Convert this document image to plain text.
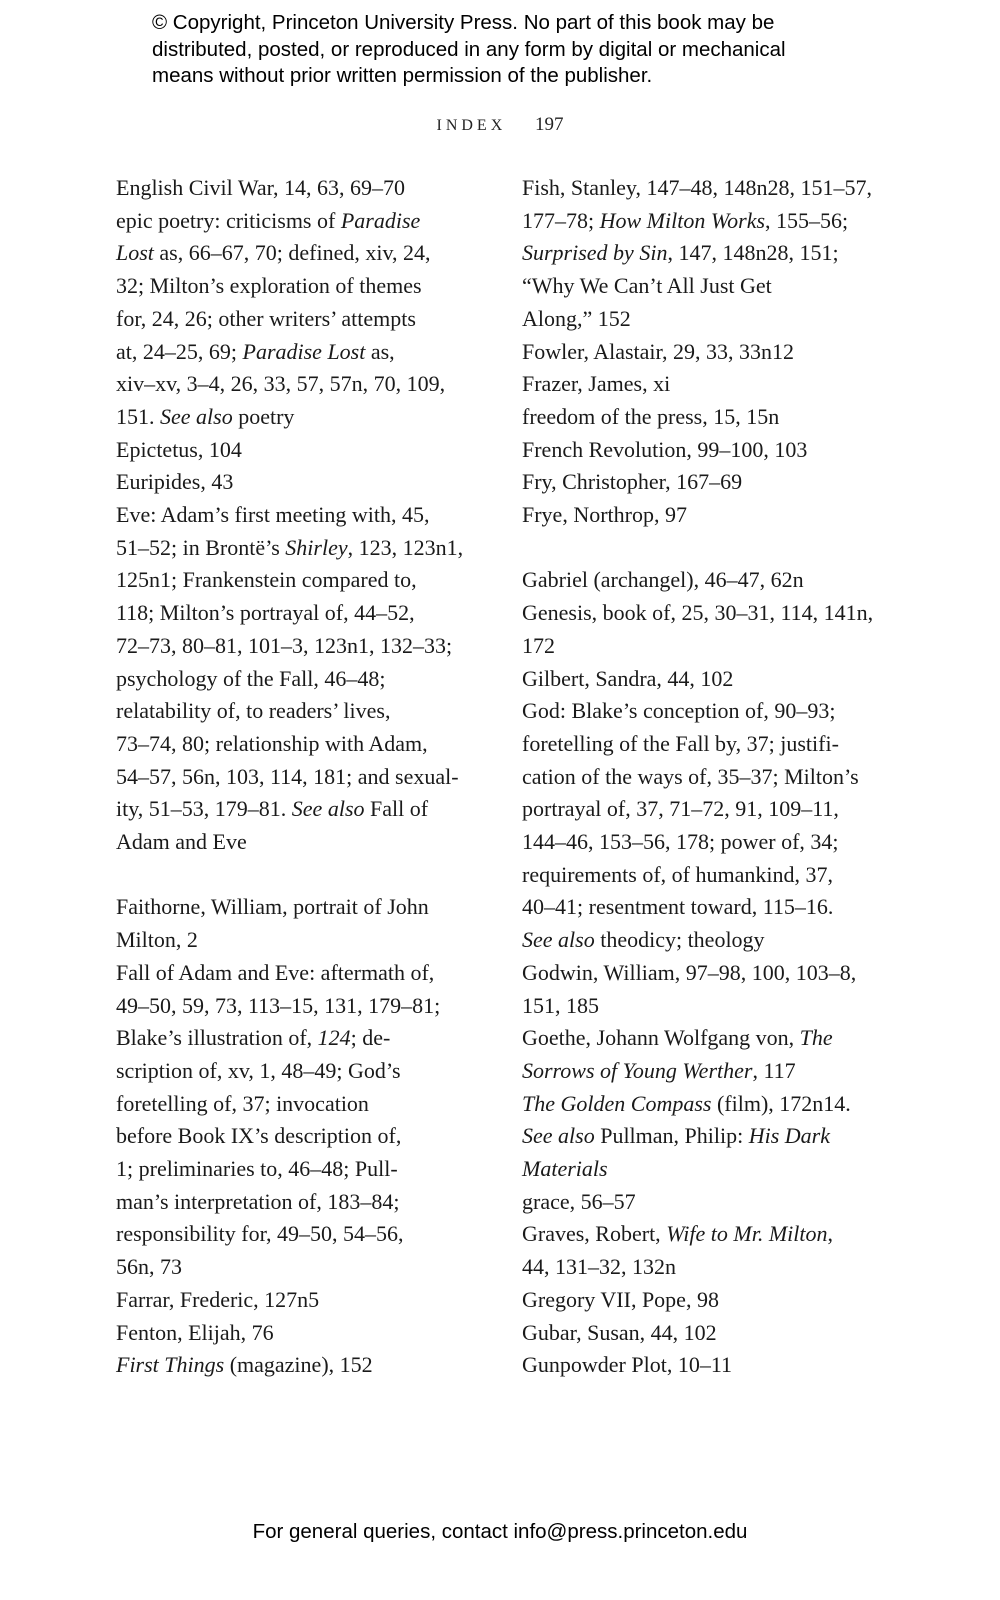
© Copyright, Princeton University Press. No part of this book may be
distributed, posted, or reproduced in any form by digital or mechanical
means without prior written permission of the publisher.
INDEX 197
English Civil War, 14, 63, 69–70
epic poetry: criticisms of Paradise
Lost as, 66–67, 70; defined, xiv, 24,
32; Milton’s exploration of themes
for, 24, 26; other writers’ attempts
at, 24–25, 69; Paradise Lost as,
xiv–xv, 3–4, 26, 33, 57, 57n, 70, 109,
151. See also poetry
Epictetus, 104
Euripides, 43
Eve: Adam’s first meeting with, 45,
51–52; in Brontë’s Shirley, 123, 123n1,
125n1; Frankenstein compared to,
118; Milton’s portrayal of, 44–52,
72–73, 80–81, 101–3, 123n1, 132–33;
psychology of the Fall, 46–48;
relatability of, to readers’ lives,
73–74, 80; relationship with Adam,
54–57, 56n, 103, 114, 181; and sexual-
ity, 51–53, 179–81. See also Fall of
Adam and Eve
Faithorne, William, portrait of John
Milton, 2
Fall of Adam and Eve: aftermath of,
49–50, 59, 73, 113–15, 131, 179–81;
Blake’s illustration of, 124; de-
scription of, xv, 1, 48–49; God’s
foretelling of, 37; invocation
before Book IX’s description of,
1; preliminaries to, 46–48; Pull-
man’s interpretation of, 183–84;
responsibility for, 49–50, 54–56,
56n, 73
Farrar, Frederic, 127n5
Fenton, Elijah, 76
First Things (magazine), 152
Fish, Stanley, 147–48, 148n28, 151–57,
177–78; How Milton Works, 155–56;
Surprised by Sin, 147, 148n28, 151;
“Why We Can’t All Just Get
Along,” 152
Fowler, Alastair, 29, 33, 33n12
Frazer, James, xi
freedom of the press, 15, 15n
French Revolution, 99–100, 103
Fry, Christopher, 167–69
Frye, Northrop, 97
Gabriel (archangel), 46–47, 62n
Genesis, book of, 25, 30–31, 114, 141n,
172
Gilbert, Sandra, 44, 102
God: Blake’s conception of, 90–93;
foretelling of the Fall by, 37; justifi-
cation of the ways of, 35–37; Milton’s
portrayal of, 37, 71–72, 91, 109–11,
144–46, 153–56, 178; power of, 34;
requirements of, of humankind, 37,
40–41; resentment toward, 115–16.
See also theodicy; theology
Godwin, William, 97–98, 100, 103–8,
151, 185
Goethe, Johann Wolfgang von, The
Sorrows of Young Werther, 117
The Golden Compass (film), 172n14.
See also Pullman, Philip: His Dark
Materials
grace, 56–57
Graves, Robert, Wife to Mr. Milton,
44, 131–32, 132n
Gregory VII, Pope, 98
Gubar, Susan, 44, 102
Gunpowder Plot, 10–11
For general queries, contact info@press.princeton.edu
